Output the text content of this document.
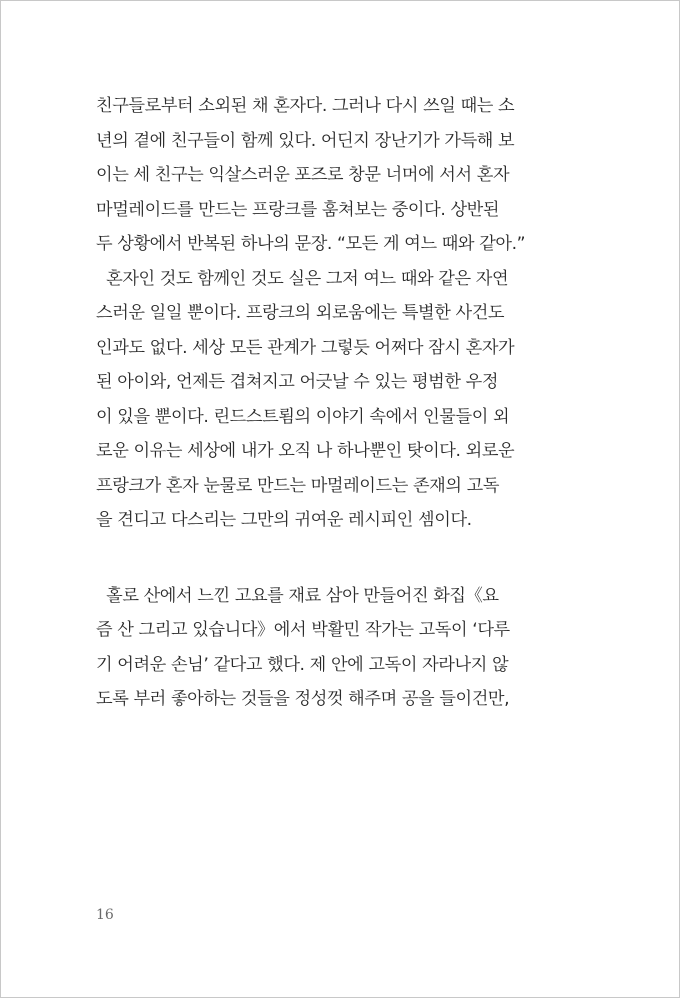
친구들로부터 소외된 채 혼자다. 그러나 다시 쓰일 때는 소
년의 곁에 친구들이 함께 있다. 어딘지 장난기가 가득해 보
이는 세 친구는 익살스러운 포즈로 창문 너머에 서서 혼자
마멀레이드를 만드는 프랑크를 훔쳐보는 중이다. 상반된
두 상황에서 반복된 하나의 문장. “모든 게 여느 때와 같아.”
혼자인 것도 함께인 것도 실은 그저 여느 때와 같은 자연
스러운 일일 뿐이다. 프랑크의 외로움에는 특별한 사건도
인과도 없다. 세상 모든 관계가 그렇듯 어쩌다 잠시 혼자가
된 아이와, 언제든 겹쳐지고 어긋날 수 있는 평범한 우정
이 있을 뿐이다. 린드스트룀의 이야기 속에서 인물들이 외
로운 이유는 세상에 내가 오직 나 하나뿐인 탓이다. 외로운
프랑크가 혼자 눈물로 만드는 마멀레이드는 존재의 고독
을 견디고 다스리는 그만의 귀여운 레시피인 셈이다.
홀로 산에서 느낀 고요를 재료 삼아 만들어진 화집《요
즘 산 그리고 있습니다》에서 박활민 작가는 고독이 ‘다루
기 어려운 손님’ 같다고 했다. 제 안에 고독이 자라나지 않
도록 부러 좋아하는 것들을 정성껏 해주며 공을 들이건만,
16
